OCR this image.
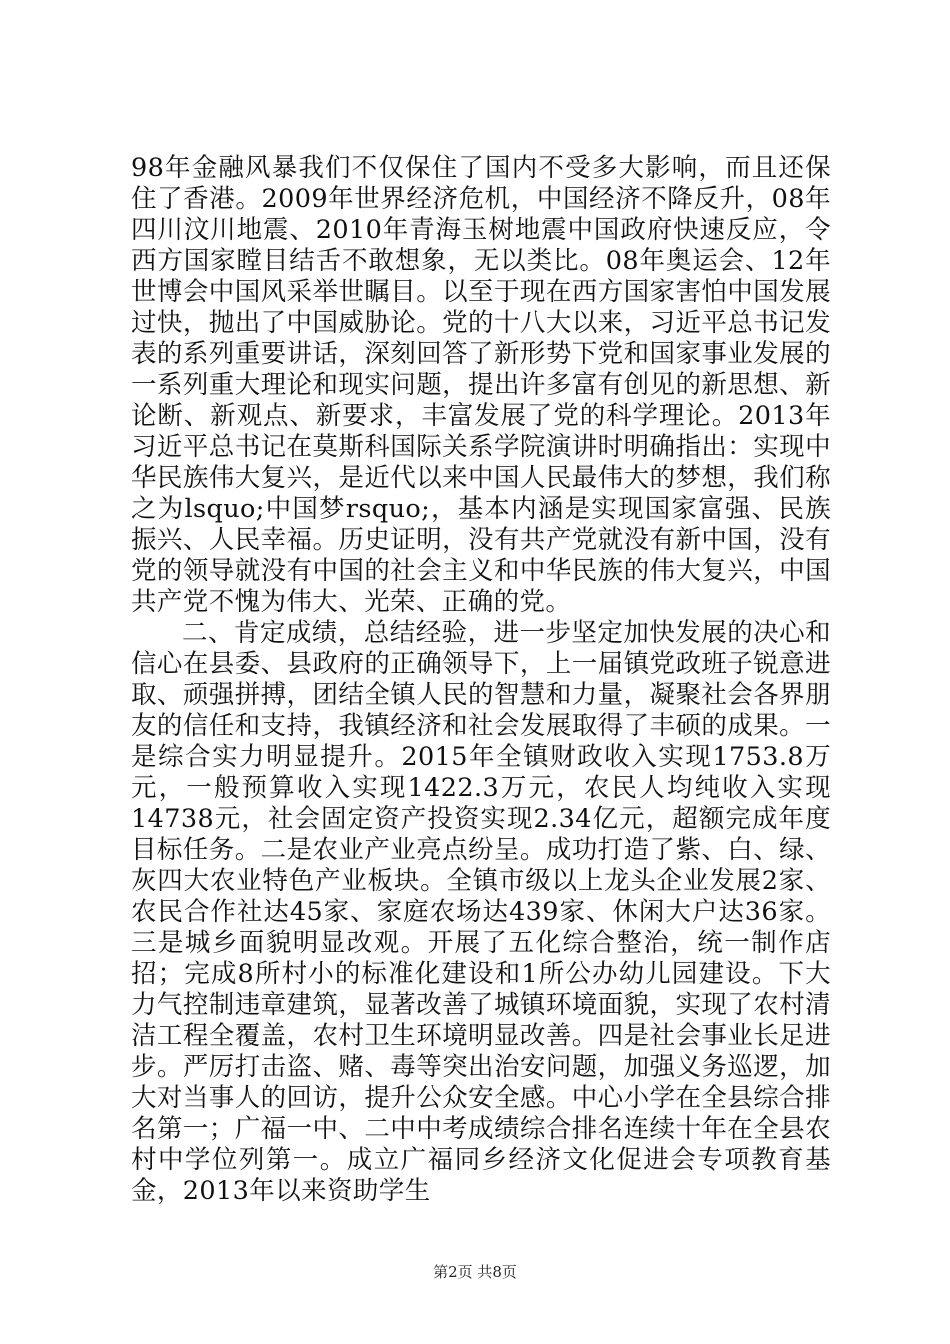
98年金融风暴我们不仅保住了国内不受多大影响，而且还保住了香港。2009年世界经济危机，中国经济不降反升，08年四川汶川地震、2010年青海玉树地震中国政府快速反应，令西方国家瞠目结舌不敢想象，无以类比。08年奥运会、12年世博会中国风采举世瞩目。以至于现在西方国家害怕中国发展过快，抛出了中国威胁论。党的十八大以来，习近平总书记发表的系列重要讲话，深刻回答了新形势下党和国家事业发展的一系列重大理论和现实问题，提出许多富有创见的新思想、新论断、新观点、新要求，丰富发展了党的科学理论。2013年习近平总书记在莫斯科国际关系学院演讲时明确指出：实现中华民族伟大复兴，是近代以来中国人民最伟大的梦想，我们称之为lsquo;中国梦rsquo;，基本内涵是实现国家富强、民族振兴、人民幸福。历史证明，没有共产党就没有新中国，没有党的领导就没有中国的社会主义和中华民族的伟大复兴，中国共产党不愧为伟大、光荣、正确的党。

二、肯定成绩，总结经验，进一步坚定加快发展的决心和信心在县委、县政府的正确领导下，上一届镇党政班子锐意进取、顽强拼搏，团结全镇人民的智慧和力量，凝聚社会各界朋友的信任和支持，我镇经济和社会发展取得了丰硕的成果。一是综合实力明显提升。2015年全镇财政收入实现1753.8万元，一般预算收入实现1422.3万元，农民人均纯收入实现14738元，社会固定资产投资实现2.34亿元，超额完成年度目标任务。二是农业产业亮点纷呈。成功打造了紫、白、绿、灰四大农业特色产业板块。全镇市级以上龙头企业发展2家、农民合作社达45家、家庭农场达439家、休闲大户达36家。三是城乡面貌明显改观。开展了五化综合整治，统一制作店招；完成8所村小的标准化建设和1所公办幼儿园建设。下大力气控制违章建筑，显著改善了城镇环境面貌，实现了农村清洁工程全覆盖，农村卫生环境明显改善。四是社会事业长足进步。严厉打击盗、赌、毒等突出治安问题，加强义务巡逻，加大对当事人的回访，提升公众安全感。中心小学在全县综合排名第一；广福一中、二中中考成绩综合排名连续十年在全县农村中学位列第一。成立广福同乡经济文化促进会专项教育基金，2013年以来资助学生

第2页 共8页
